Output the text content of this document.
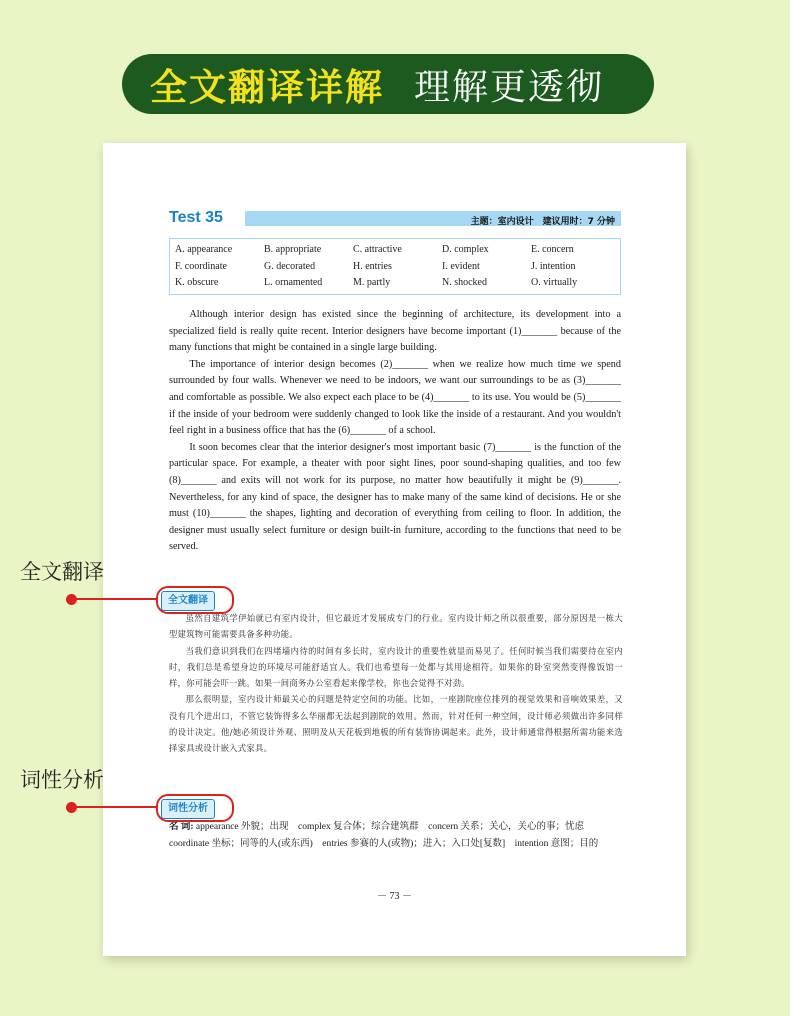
全文翻译详解 理解更透彻
Test 35	主题：室内设计　建议用时：7 分钟
A. appearance	B. appropriate	C. attractive	D. complex	E. concern
F. coordinate	G. decorated	H. entries	I. evident	J. intention
K. obscure	L. ornamented	M. partly	N. shocked	O. virtually

Although interior design has existed since the beginning of architecture, its development into a specialized field is really quite recent. Interior designers have become important (1)_______ because of the many functions that might be contained in a single large building.

The importance of interior design becomes (2)_______ when we realize how much time we spend surrounded by four walls. Whenever we need to be indoors, we want our surroundings to be as (3)_______ and comfortable as possible. We also expect each place to be (4)_______ to its use. You would be (5)_______ if the inside of your bedroom were suddenly changed to look like the inside of a restaurant. And you wouldn't feel right in a business office that has the (6)_______ of a school.

It soon becomes clear that the interior designer's most important basic (7)_______ is the function of the particular space. For example, a theater with poor sight lines, poor sound-shaping qualities, and too few (8)_______ and exits will not work for its purpose, no matter how beautifully it might be (9)_______. Nevertheless, for any kind of space, the designer has to make many of the same kind of decisions. He or she must (10)_______ the shapes, lighting and decoration of everything from ceiling to floor. In addition, the designer must usually select furniture or design built-in furniture, according to the functions that need to be served.

全文翻译

虽然自建筑学伊始就已有室内设计，但它最近才发展成专门的行业。室内设计师之所以很重要，部分原因是一栋大型建筑物可能需要具备多种功能。

当我们意识到我们在四堵墙内待的时间有多长时，室内设计的重要性就显而易见了。任何时候当我们需要待在室内时，我们总是希望身边的环境尽可能舒适宜人。我们也希望每一处都与其用途相符。如果你的卧室突然变得像饭馆一样，你可能会吓一跳。如果一间商务办公室看起来像学校，你也会觉得不对劲。

那么很明显，室内设计师最关心的问题是特定空间的功能。比如，一座剧院座位排列的视觉效果和音响效果差，又没有几个进出口，不管它装饰得多么华丽都无法起到剧院的效用。然而，针对任何一种空间，设计师必须做出许多同样的设计决定。他/她必须设计外观、照明及从天花板到地板的所有装饰协调起来。此外，设计师通常得根据所需功能来选择家具或设计嵌入式家具。

词性分析
名 词: appearance 外貌；出现　complex 复合体；综合建筑群　concern 关系；关心，关心的事；忧虑　coordinate 坐标；同等的人(或东西)　entries 参赛的人(或物)；进入；入口处[复数]　intention 意图；目的
－ 73 －
全文翻译
词性分析
